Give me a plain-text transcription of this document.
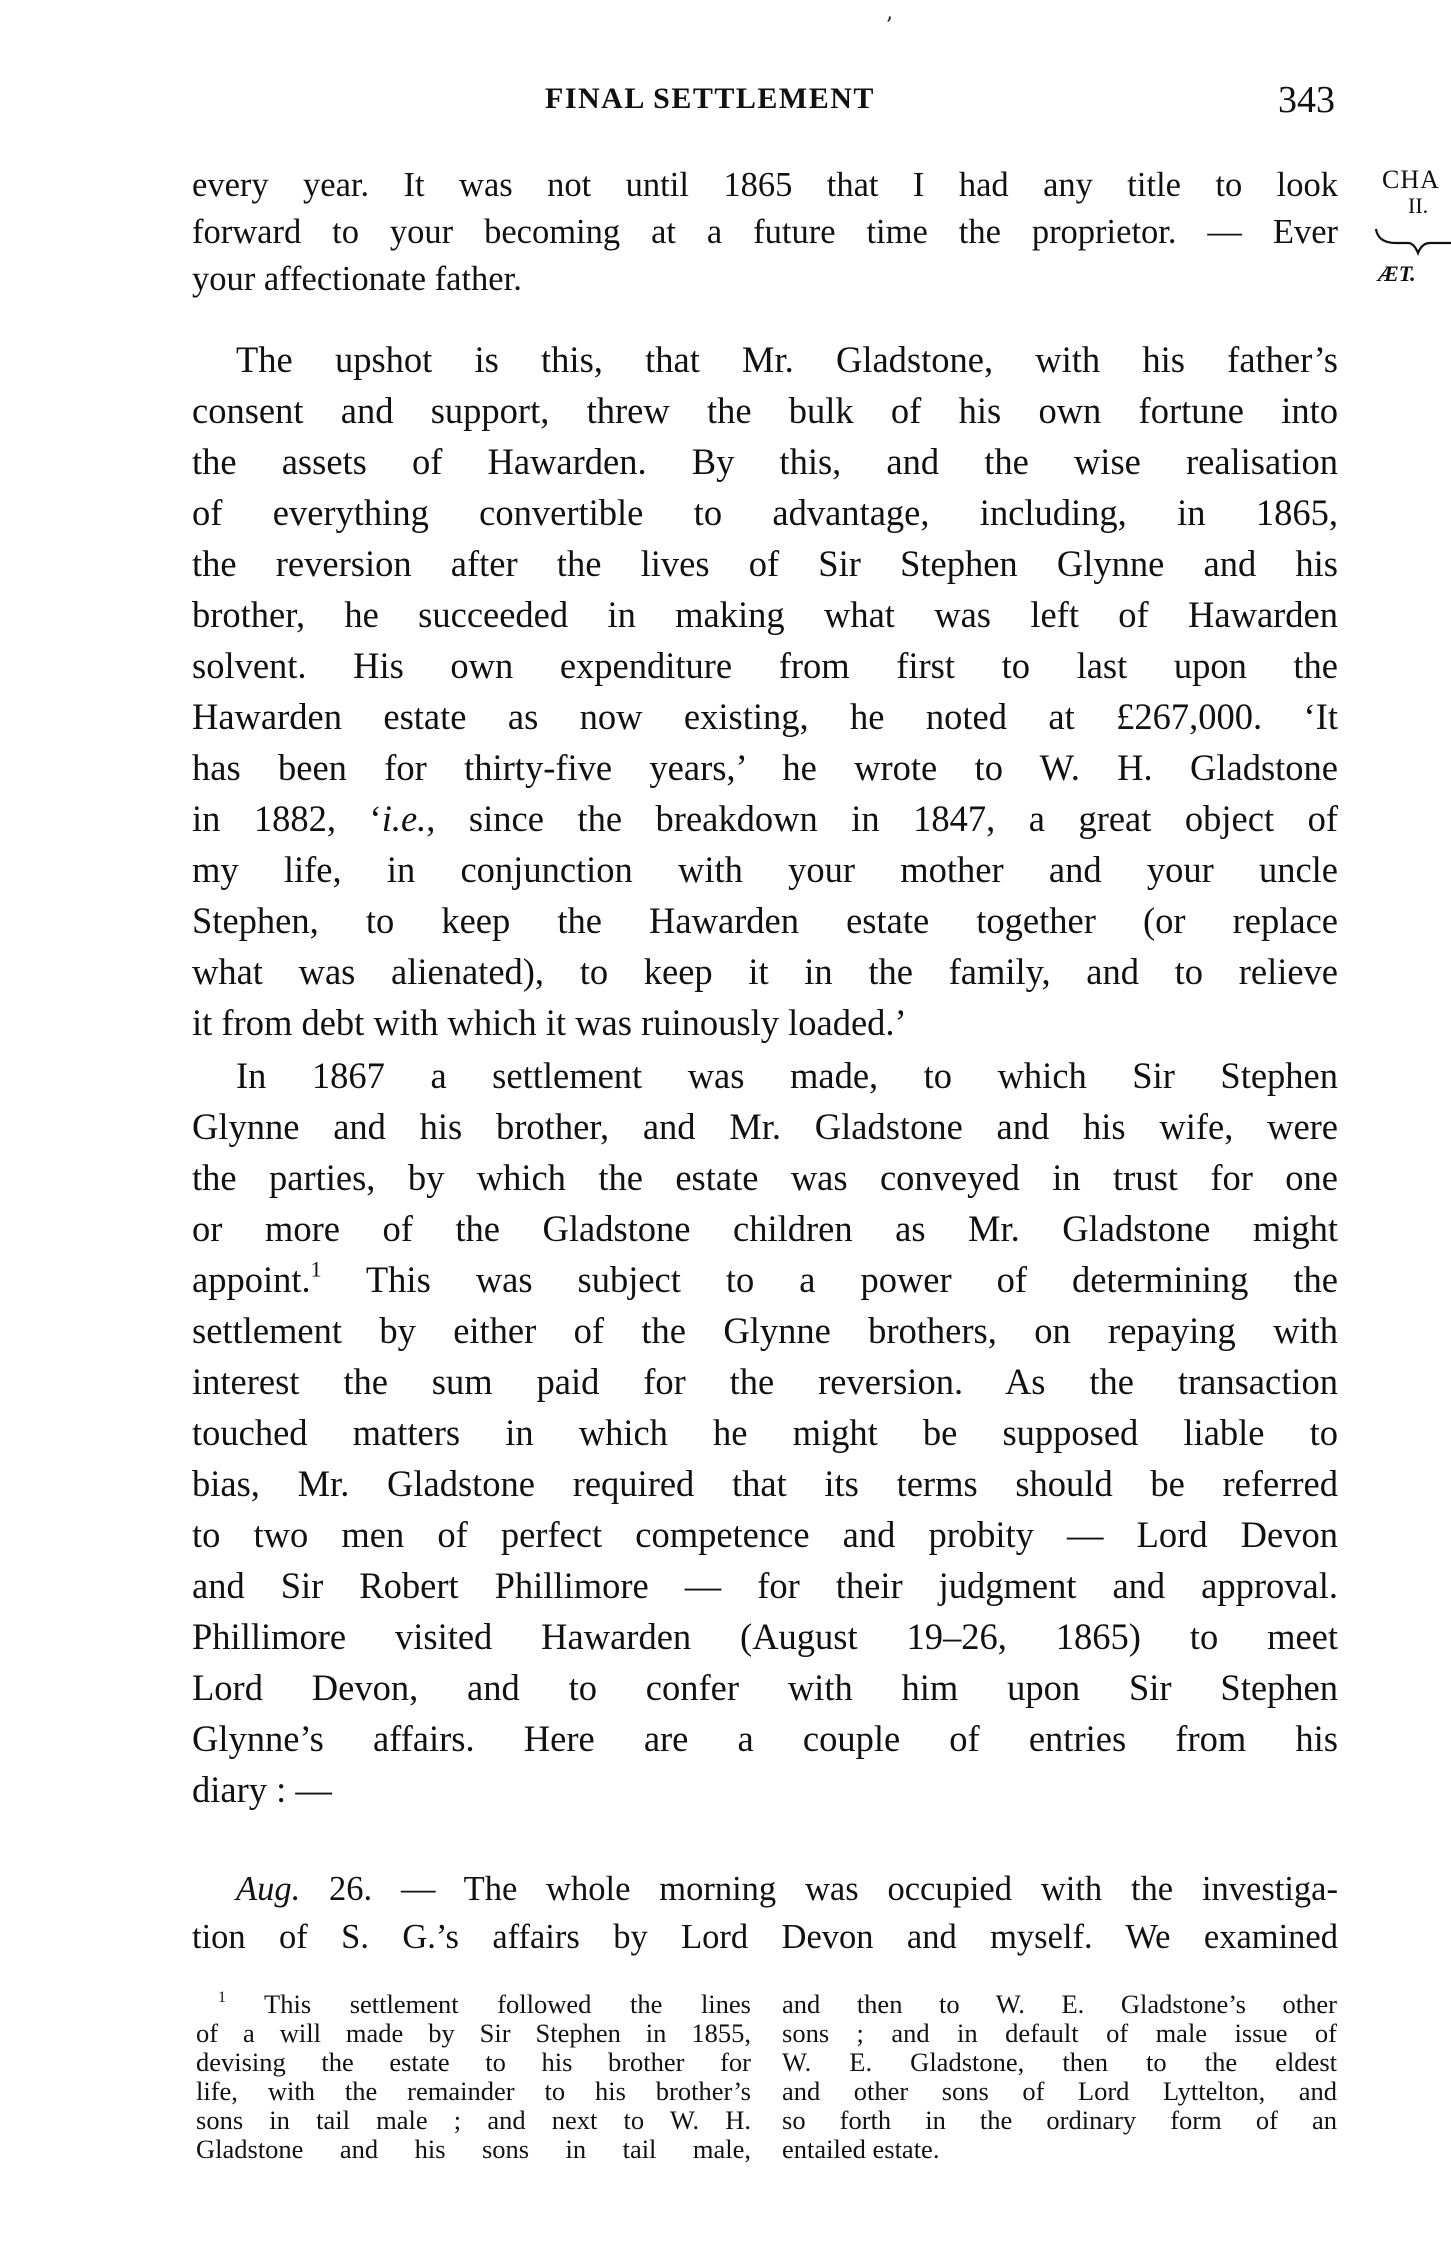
ʼ
FINAL SETTLEMENT	343
CHA
II.
ÆT.
every year. It was not until 1865 that I had any title to look
forward to your becoming at a future time the proprietor. — Ever
your affectionate father.
The upshot is this, that Mr. Gladstone, with his father’s
consent and support, threw the bulk of his own fortune into
the assets of Hawarden. By this, and the wise realisation
of everything convertible to advantage, including, in 1865,
the reversion after the lives of Sir Stephen Glynne and his
brother, he succeeded in making what was left of Hawarden
solvent. His own expenditure from first to last upon the
Hawarden estate as now existing, he noted at £267,000. ‘It
has been for thirty-five years,’ he wrote to W. H. Gladstone
in 1882, ‘i.e., since the breakdown in 1847, a great object of
my life, in conjunction with your mother and your uncle
Stephen, to keep the Hawarden estate together (or replace
what was alienated), to keep it in the family, and to relieve
it from debt with which it was ruinously loaded.’
In 1867 a settlement was made, to which Sir Stephen
Glynne and his brother, and Mr. Gladstone and his wife, were
the parties, by which the estate was conveyed in trust for one
or more of the Gladstone children as Mr. Gladstone might
appoint.$^1$ This was subject to a power of determining the
settlement by either of the Glynne brothers, on repaying with
interest the sum paid for the reversion. As the transaction
touched matters in which he might be supposed liable to
bias, Mr. Gladstone required that its terms should be referred
to two men of perfect competence and probity — Lord Devon
and Sir Robert Phillimore — for their judgment and approval.
Phillimore visited Hawarden (August 19–26, 1865) to meet
Lord Devon, and to confer with him upon Sir Stephen
Glynne’s affairs. Here are a couple of entries from his
diary : —
Aug. 26. — The whole morning was occupied with the investiga-
tion of S. G.’s affairs by Lord Devon and myself. We examined
$^1$ This settlement followed the lines
of a will made by Sir Stephen in 1855,
devising the estate to his brother for
life, with the remainder to his brother’s
sons in tail male ; and next to W. H.
Gladstone and his sons in tail male,
and then to W. E. Gladstone’s other
sons ; and in default of male issue of
W. E. Gladstone, then to the eldest
and other sons of Lord Lyttelton, and
so forth in the ordinary form of an
entailed estate.
